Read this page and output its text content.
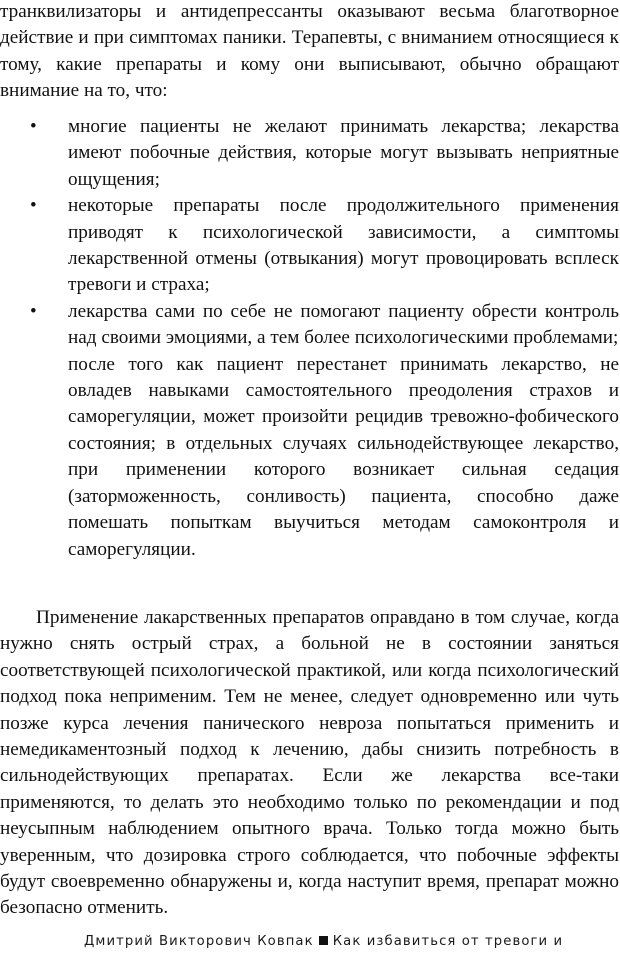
транквилизаторы и антидепрессанты оказывают весьма благотворное действие и при симптомах паники. Терапевты, с вниманием относящиеся к тому, какие препараты и кому они выписывают, обычно обращают внимание на то, что:

• многие пациенты не желают принимать лекарства; лекарства имеют побочные действия, которые могут вызывать неприятные ощущения;
• некоторые препараты после продолжительного применения приводят к психологической зависимости, а симптомы лекарственной отмены (отвыкания) могут провоцировать всплеск тревоги и страха;
• лекарства сами по себе не помогают пациенту обрести контроль над своими эмоциями, а тем более психологическими проблемами;
после того как пациент перестанет принимать лекарство, не овладев навыками самостоятельного преодоления страхов и саморегуляции, может произойти рецидив тревожно-фобического состояния; в отдельных случаях сильнодействующее лекарство, при применении которого возникает сильная седация (заторможенность, сонливость) пациента, способно даже помешать попыткам выучиться методам самоконтроля и саморегуляции.

Применение лакарственных препаратов оправдано в том случае, когда нужно снять острый страх, а больной не в состоянии заняться соответствующей психологической практикой, или когда психологический подход пока неприменим. Тем не менее, следует одновременно или чуть позже курса лечения панического невроза попытаться применить и немедикаментозный подход к лечению, дабы снизить потребность в сильнодействующих препаратах. Если же лекарства все-таки применяются, то делать это необходимо только по рекомендации и под неусыпным наблюдением опытного врача. Только тогда можно быть уверенным, что дозировка строго соблюдается, что побочные эффекты будут своевременно обнаружены и, когда наступит время, препарат можно безопасно отменить.

Дмитрий Викторович Ковпак Как избавиться от тревоги и
